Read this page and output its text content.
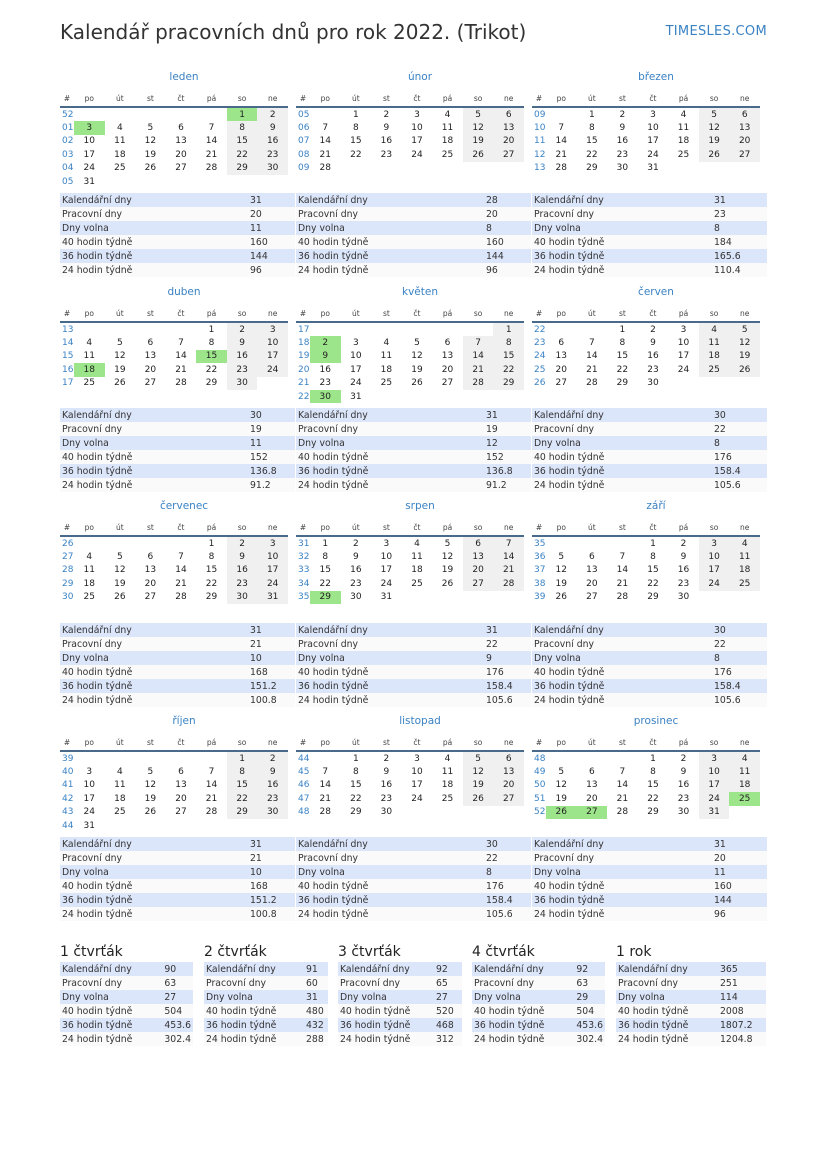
Kalendář pracovních dnů pro rok 2022. (Trikot)	TIMESLES.COM
leden
#	po	út	st	čt	pá	so	ne
52						1	2
01	3	4	5	6	7	8	9
02	10	11	12	13	14	15	16
03	17	18	19	20	21	22	23
04	24	25	26	27	28	29	30
05	31						
Kalendářní dny	31
Pracovní dny	20
Dny volna	11
40 hodin týdně	160
36 hodin týdně	144
24 hodin týdně	96
únor
#	po	út	st	čt	pá	so	ne
05		1	2	3	4	5	6
06	7	8	9	10	11	12	13
07	14	15	16	17	18	19	20
08	21	22	23	24	25	26	27
09	28						
Kalendářní dny	28
Pracovní dny	20
Dny volna	8
40 hodin týdně	160
36 hodin týdně	144
24 hodin týdně	96
březen
#	po	út	st	čt	pá	so	ne
09		1	2	3	4	5	6
10	7	8	9	10	11	12	13
11	14	15	16	17	18	19	20
12	21	22	23	24	25	26	27
13	28	29	30	31			
Kalendářní dny	31
Pracovní dny	23
Dny volna	8
40 hodin týdně	184
36 hodin týdně	165.6
24 hodin týdně	110.4
duben
#	po	út	st	čt	pá	so	ne
13					1	2	3
14	4	5	6	7	8	9	10
15	11	12	13	14	15	16	17
16	18	19	20	21	22	23	24
17	25	26	27	28	29	30	
Kalendářní dny	30
Pracovní dny	19
Dny volna	11
40 hodin týdně	152
36 hodin týdně	136.8
24 hodin týdně	91.2
květen
#	po	út	st	čt	pá	so	ne
17							1
18	2	3	4	5	6	7	8
19	9	10	11	12	13	14	15
20	16	17	18	19	20	21	22
21	23	24	25	26	27	28	29
22	30	31					
Kalendářní dny	31
Pracovní dny	19
Dny volna	12
40 hodin týdně	152
36 hodin týdně	136.8
24 hodin týdně	91.2
červen
#	po	út	st	čt	pá	so	ne
22			1	2	3	4	5
23	6	7	8	9	10	11	12
24	13	14	15	16	17	18	19
25	20	21	22	23	24	25	26
26	27	28	29	30			
Kalendářní dny	30
Pracovní dny	22
Dny volna	8
40 hodin týdně	176
36 hodin týdně	158.4
24 hodin týdně	105.6
červenec
#	po	út	st	čt	pá	so	ne
26					1	2	3
27	4	5	6	7	8	9	10
28	11	12	13	14	15	16	17
29	18	19	20	21	22	23	24
30	25	26	27	28	29	30	31
Kalendářní dny	31
Pracovní dny	21
Dny volna	10
40 hodin týdně	168
36 hodin týdně	151.2
24 hodin týdně	100.8
srpen
#	po	út	st	čt	pá	so	ne
31	1	2	3	4	5	6	7
32	8	9	10	11	12	13	14
33	15	16	17	18	19	20	21
34	22	23	24	25	26	27	28
35	29	30	31				
Kalendářní dny	31
Pracovní dny	22
Dny volna	9
40 hodin týdně	176
36 hodin týdně	158.4
24 hodin týdně	105.6
září
#	po	út	st	čt	pá	so	ne
35				1	2	3	4
36	5	6	7	8	9	10	11
37	12	13	14	15	16	17	18
38	19	20	21	22	23	24	25
39	26	27	28	29	30		
Kalendářní dny	30
Pracovní dny	22
Dny volna	8
40 hodin týdně	176
36 hodin týdně	158.4
24 hodin týdně	105.6
říjen
#	po	út	st	čt	pá	so	ne
39						1	2
40	3	4	5	6	7	8	9
41	10	11	12	13	14	15	16
42	17	18	19	20	21	22	23
43	24	25	26	27	28	29	30
44	31						
Kalendářní dny	31
Pracovní dny	21
Dny volna	10
40 hodin týdně	168
36 hodin týdně	151.2
24 hodin týdně	100.8
listopad
#	po	út	st	čt	pá	so	ne
44		1	2	3	4	5	6
45	7	8	9	10	11	12	13
46	14	15	16	17	18	19	20
47	21	22	23	24	25	26	27
48	28	29	30				
Kalendářní dny	30
Pracovní dny	22
Dny volna	8
40 hodin týdně	176
36 hodin týdně	158.4
24 hodin týdně	105.6
prosinec
#	po	út	st	čt	pá	so	ne
48				1	2	3	4
49	5	6	7	8	9	10	11
50	12	13	14	15	16	17	18
51	19	20	21	22	23	24	25
52	26	27	28	29	30	31	
Kalendářní dny	31
Pracovní dny	20
Dny volna	11
40 hodin týdně	160
36 hodin týdně	144
24 hodin týdně	96
1 čtvrťák
Kalendářní dny	90
Pracovní dny	63
Dny volna	27
40 hodin týdně	504
36 hodin týdně	453.6
24 hodin týdně	302.4
2 čtvrťák
Kalendářní dny	91
Pracovní dny	60
Dny volna	31
40 hodin týdně	480
36 hodin týdně	432
24 hodin týdně	288
3 čtvrťák
Kalendářní dny	92
Pracovní dny	65
Dny volna	27
40 hodin týdně	520
36 hodin týdně	468
24 hodin týdně	312
4 čtvrťák
Kalendářní dny	92
Pracovní dny	63
Dny volna	29
40 hodin týdně	504
36 hodin týdně	453.6
24 hodin týdně	302.4
1 rok
Kalendářní dny	365
Pracovní dny	251
Dny volna	114
40 hodin týdně	2008
36 hodin týdně	1807.2
24 hodin týdně	1204.8
